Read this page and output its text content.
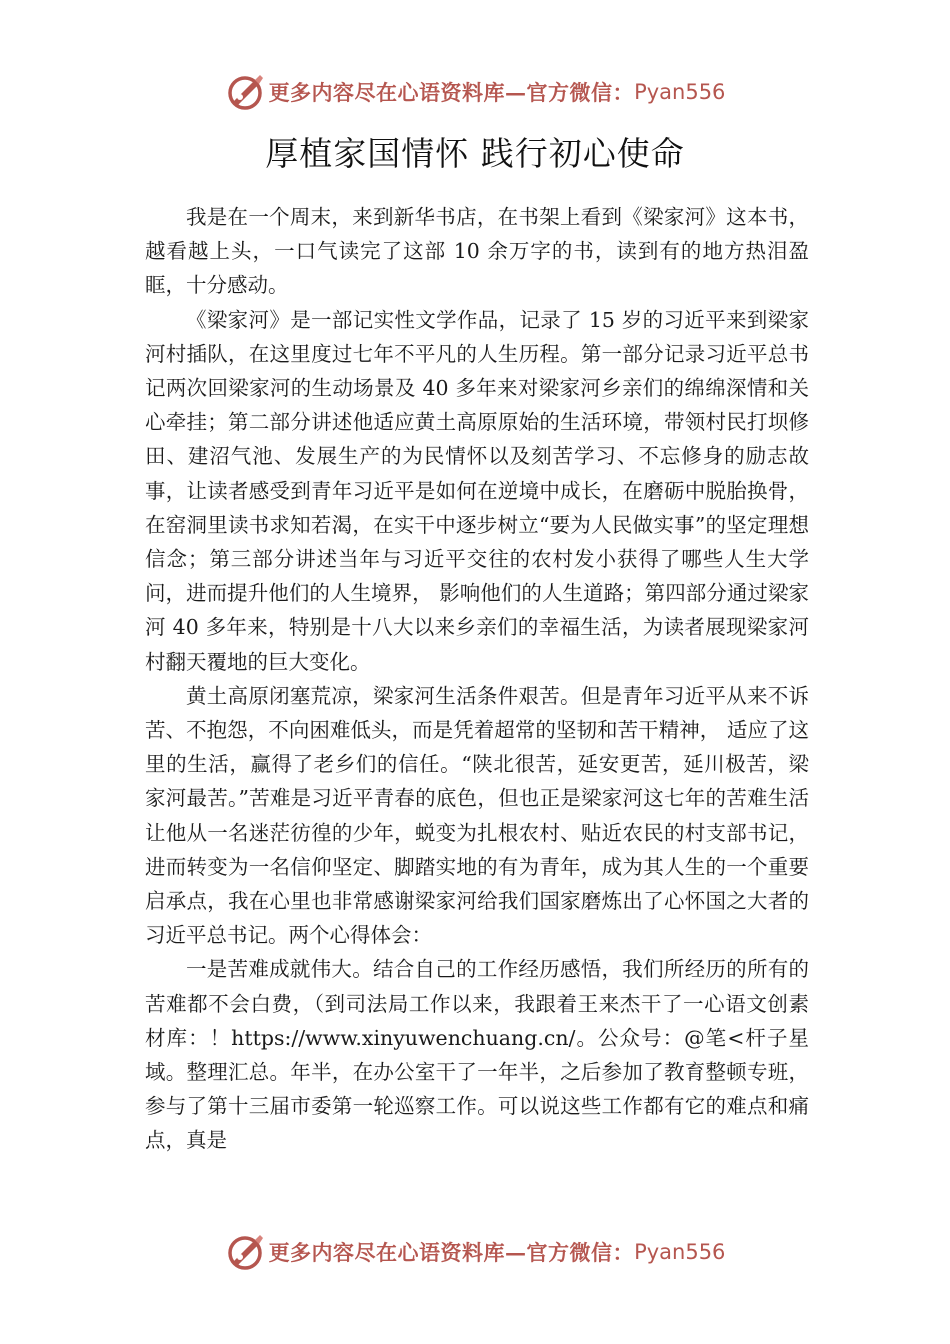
更多内容尽在心语资料库—官方微信： Pyan556
厚植家国情怀 践行初心使命

我是在一个周末，来到新华书店，在书架上看到《梁家河》这本书，越看越上头，一口气读完了这部 10 余万字的书，读到有的地方热泪盈眶，十分感动。

《梁家河》是一部记实性文学作品，记录了 15 岁的习近平来到梁家河村插队，在这里度过七年不平凡的人生历程。第一部分记录习近平总书记两次回梁家河的生动场景及 40 多年来对梁家河乡亲们的绵绵深情和关心牵挂；第二部分讲述他适应黄土高原原始的生活环境，带领村民打坝修田、建沼气池、发展生产的为民情怀以及刻苦学习、不忘修身的励志故事，让读者感受到青年习近平是如何在逆境中成长，在磨砺中脱胎换骨，在窑洞里读书求知若渴，在实干中逐步树立“要为人民做实事”的坚定理想信念；第三部分讲述当年与习近平交往的农村发小获得了哪些人生大学问，进而提升他们的人生境界， 影响他们的人生道路；第四部分通过梁家河 40 多年来，特别是十八大以来乡亲们的幸福生活，为读者展现梁家河村翻天覆地的巨大变化。

黄土高原闭塞荒凉，梁家河生活条件艰苦。但是青年习近平从来不诉苦、不抱怨，不向困难低头，而是凭着超常的坚韧和苦干精神， 适应了这里的生活，赢得了老乡们的信任。“陕北很苦，延安更苦，延川极苦，梁家河最苦。”苦难是习近平青春的底色，但也正是梁家河这七年的苦难生活让他从一名迷茫彷徨的少年，蜕变为扎根农村、贴近农民的村支部书记，进而转变为一名信仰坚定、脚踏实地的有为青年，成为其人生的一个重要启承点，我在心里也非常感谢梁家河给我们国家磨炼出了心怀国之大者的习近平总书记。两个心得体会：

一是苦难成就伟大。结合自己的工作经历感悟，我们所经历的所有的苦难都不会白费，（到司法局工作以来，我跟着王来杰干了一心语文创素材库：！https://www.xinyuwenchuang.cn/。公众号：@笔<杆子星域。整理汇总。年半，在办公室干了一年半，之后参加了教育整顿专班，参与了第十三届市委第一轮巡察工作。可以说这些工作都有它的难点和痛点，真是

更多内容尽在心语资料库—官方微信： Pyan556
